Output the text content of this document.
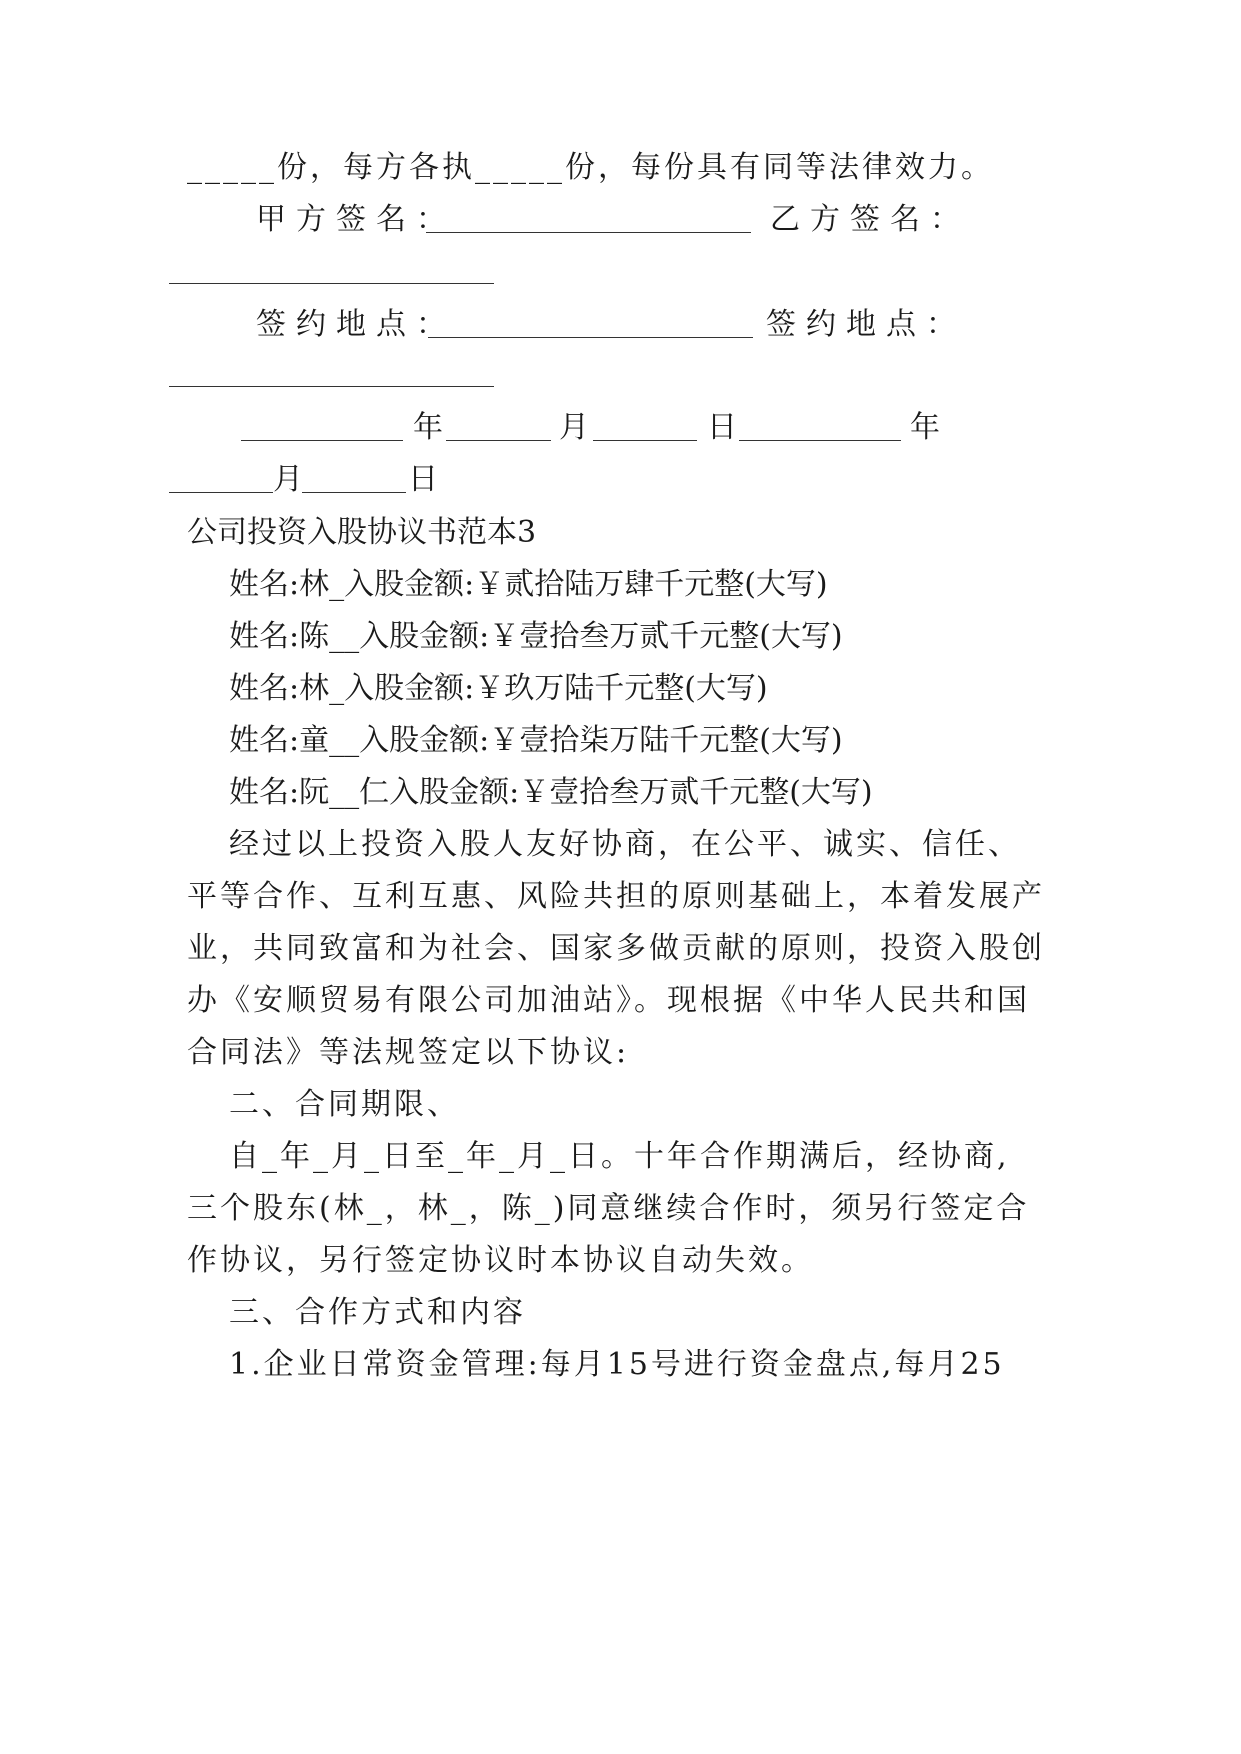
_____份，每方各执_____份，每份具有同等法律效力。
甲方签名：	乙方签名：
签约地点：	签约地点：
年	月	日	年
月	日
公司投资入股协议书范本3
姓名:林_入股金额:￥贰拾陆万肆千元整(大写)
姓名:陈__入股金额:￥壹拾叁万贰千元整(大写)
姓名:林_入股金额:￥玖万陆千元整(大写)
姓名:童__入股金额:￥壹拾柒万陆千元整(大写)
姓名:阮__仁入股金额:￥壹拾叁万贰千元整(大写)
经过以上投资入股人友好协商，在公平、诚实、信任、
平等合作、互利互惠、风险共担的原则基础上，本着发展产
业，共同致富和为社会、国家多做贡献的原则，投资入股创
办《安顺贸易有限公司加油站》。现根据《中华人民共和国
合同法》等法规签定以下协议:
二、合同期限、
自_年_月_日至_年_月_日。十年合作期满后，经协商,
三个股东(林_，林_，陈_)同意继续合作时，须另行签定合
作协议，另行签定协议时本协议自动失效。
三、合作方式和内容
1.企业日常资金管理:每月15号进行资金盘点,每月25
